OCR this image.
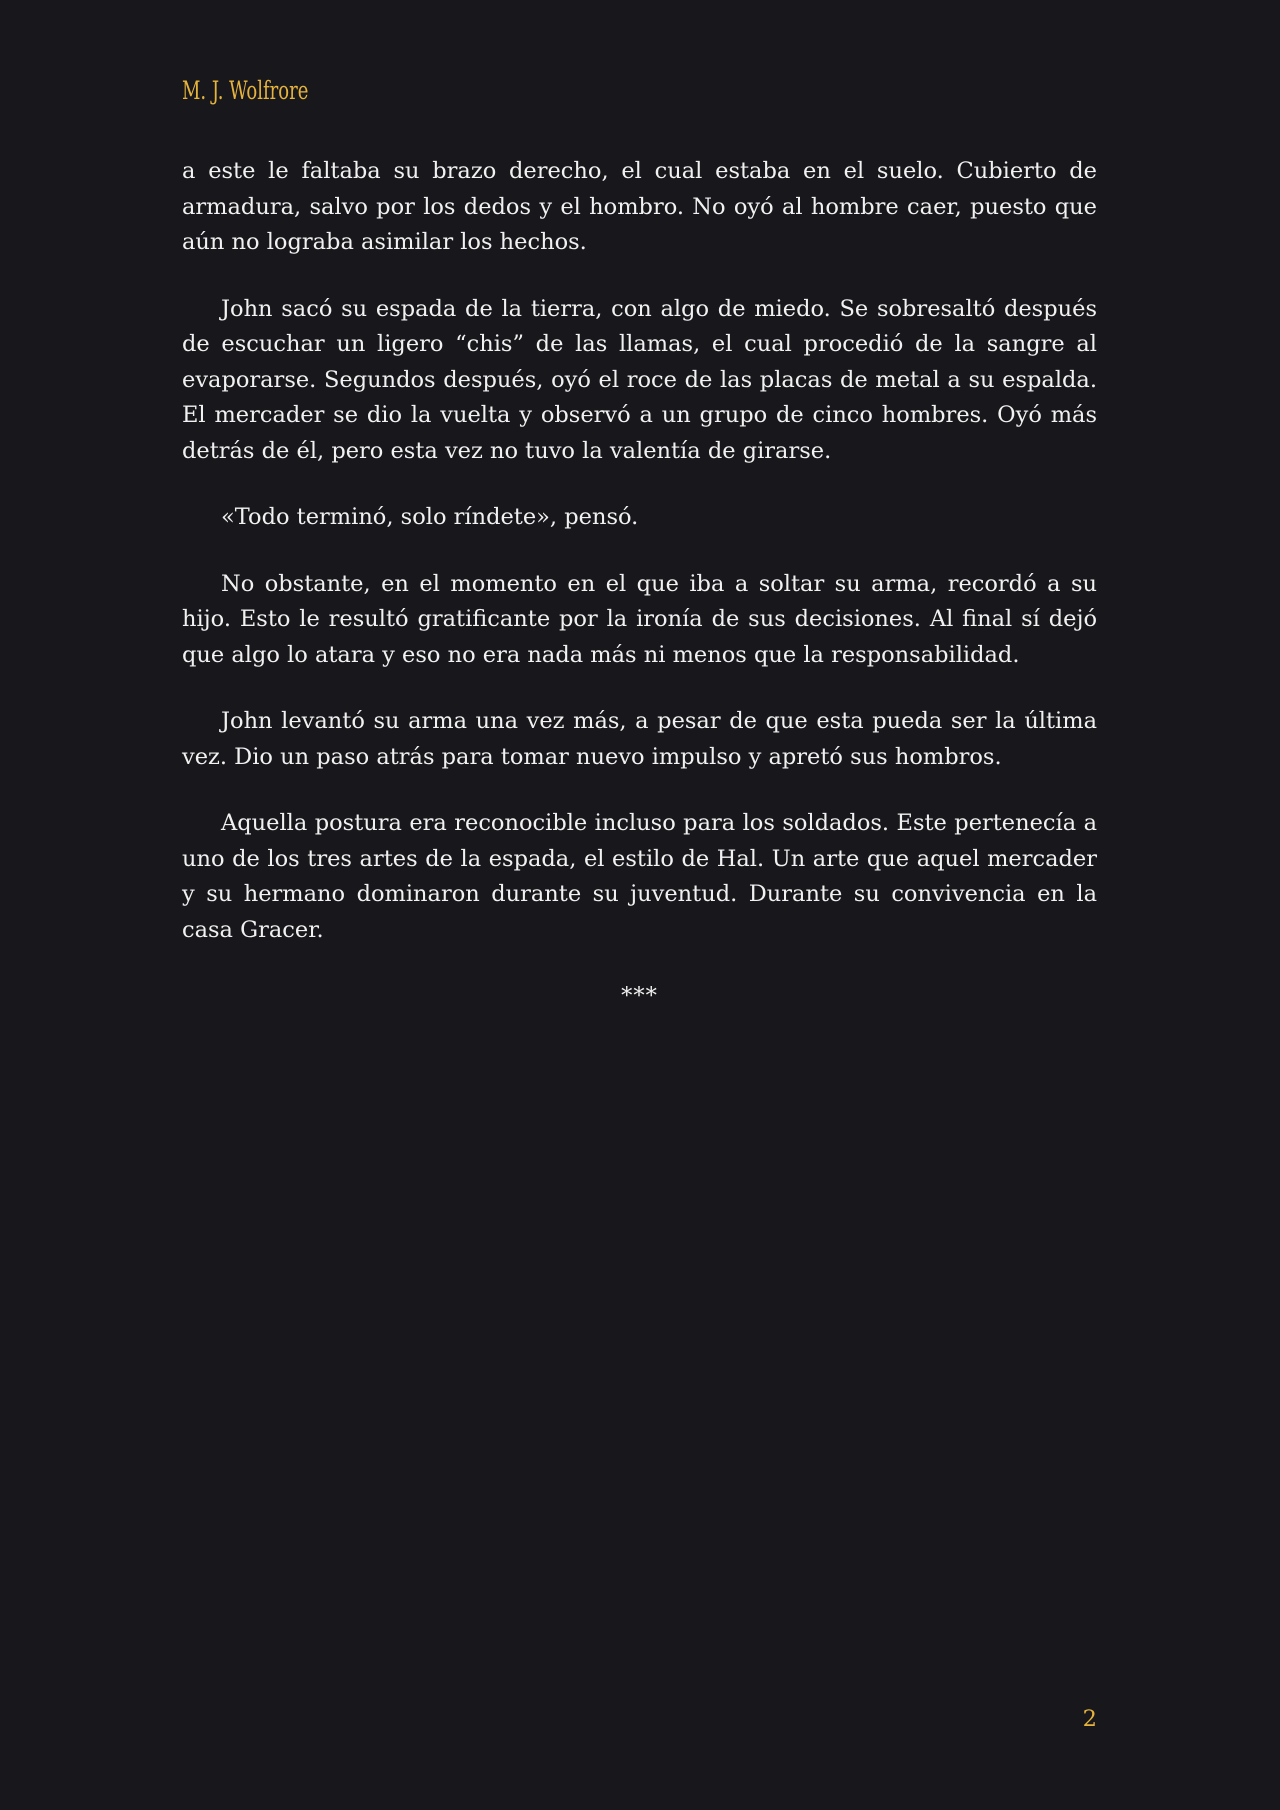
M. J. Wolfrore

a este le faltaba su brazo derecho, el cual estaba en el suelo. Cubierto de armadura, salvo por los dedos y el hombro. No oyó al hombre caer, puesto que aún no lograba asimilar los hechos.

John sacó su espada de la tierra, con algo de miedo. Se sobresaltó después de escuchar un ligero “chis” de las llamas, el cual procedió de la sangre al evaporarse. Segundos después, oyó el roce de las placas de metal a su espalda. El mercader se dio la vuelta y observó a un grupo de cinco hombres. Oyó más detrás de él, pero esta vez no tuvo la valentía de girarse.

«Todo terminó, solo ríndete», pensó.

No obstante, en el momento en el que iba a soltar su arma, recordó a su hijo. Esto le resultó gratificante por la ironía de sus decisiones. Al final sí dejó que algo lo atara y eso no era nada más ni menos que la responsabilidad.

John levantó su arma una vez más, a pesar de que esta pueda ser la última vez. Dio un paso atrás para tomar nuevo impulso y apretó sus hombros.

Aquella postura era reconocible incluso para los soldados. Este pertenecía a uno de los tres artes de la espada, el estilo de Hal. Un arte que aquel mercader y su hermano dominaron durante su juventud. Durante su convivencia en la casa Gracer.

***

2
